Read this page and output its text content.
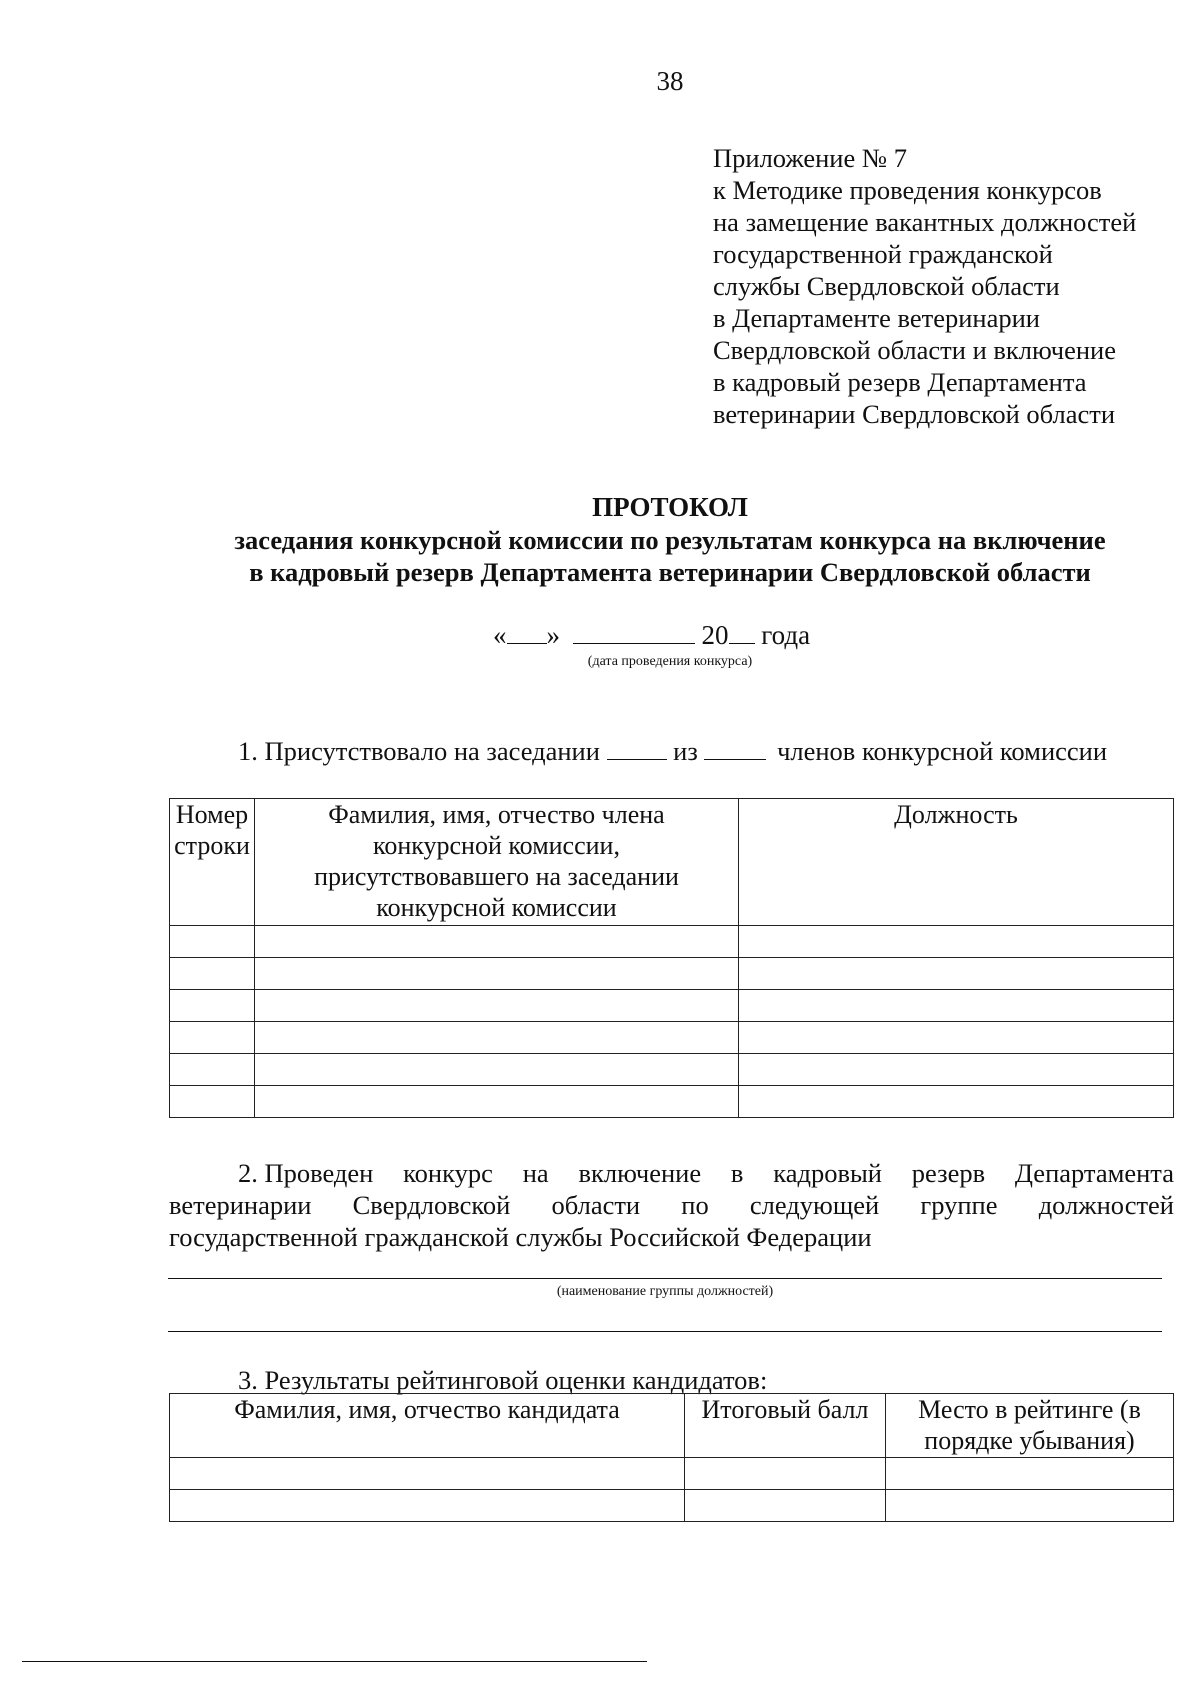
38
Приложение № 7
к Методике проведения конкурсов
на замещение вакантных должностей
государственной гражданской
службы Свердловской области
в Департаменте ветеринарии
Свердловской области и включение
в кадровый резерв Департамента
ветеринарии Свердловской области
ПРОТОКОЛ
заседания конкурсной комиссии по результатам конкурса на включение
в кадровый резерв Департамента ветеринарии Свердловской области
« »	20 года
(дата проведения конкурса)
1. Присутствовало на заседании	из	членов конкурсной комиссии
Номер строки	Фамилия, имя, отчество члена конкурсной комиссии, присутствовавшего на заседании конкурсной комиссии	Должность

2. Проведен конкурс на включение в кадровый резерв Департамента
ветеринарии Свердловской области по следующей группе должностей
государственной гражданской службы Российской Федерации
(наименование группы должностей)
3. Результаты рейтинговой оценки кандидатов:
Фамилия, имя, отчество кандидата	Итоговый балл	Место в рейтинге (в порядке убывания)
